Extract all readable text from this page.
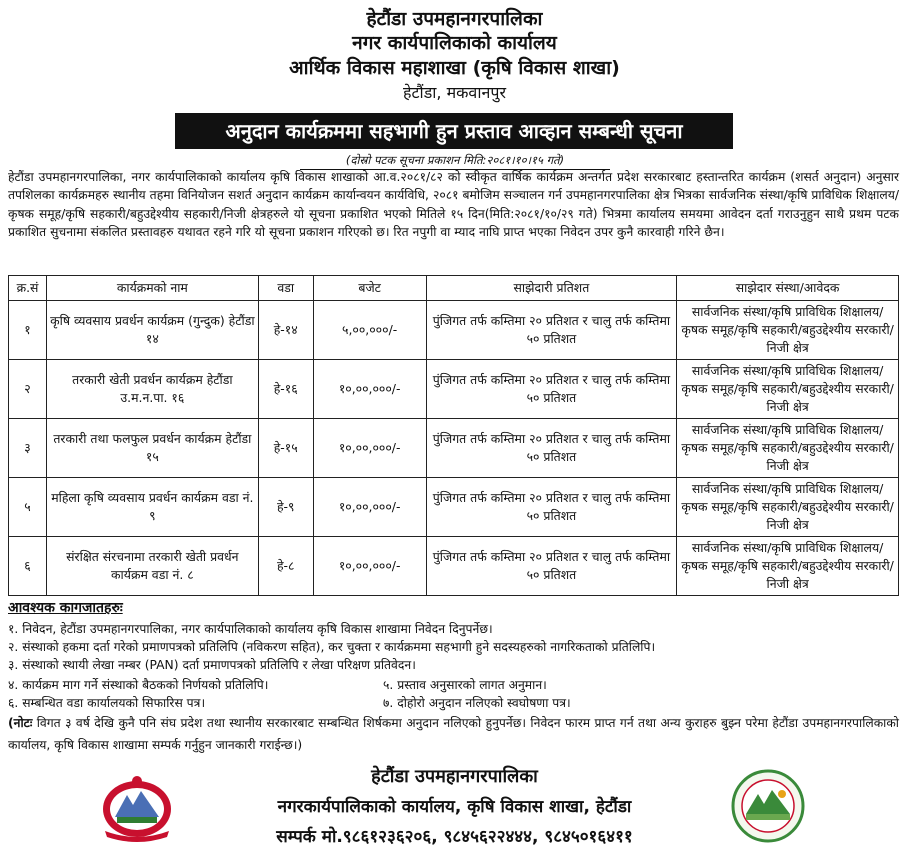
हेटौंडा उपमहानगरपालिका
नगर कार्यपालिकाको कार्यालय
आर्थिक विकास महाशाखा (कृषि विकास शाखा)
हेटौंडा, मकवानपुर
अनुदान कार्यक्रममा सहभागी हुन प्रस्ताव आव्हान सम्बन्धी सूचना
(दोस्रो पटक सूचना प्रकाशन मिति:२०८१।१०।१५ गते)
हेटौंडा उपमहानगरपालिका, नगर कार्यपालिकाको कार्यालय कृषि विकास शाखाको आ.व.२०८१/८२ को स्वीकृत वार्षिक कार्यक्रम अन्तर्गत प्रदेश सरकारबाट हस्तान्तरित कार्यक्रम (शसर्त अनुदान) अनुसार तपशिलका कार्यक्रमहरु स्थानीय तहमा विनियोजन सशर्त अनुदान कार्यक्रम कार्यान्वयन कार्यविधि, २०८१ बमोजिम सञ्चालन गर्न उपमहानगरपालिका क्षेत्र भित्रका सार्वजनिक संस्था/कृषि प्राविधिक शिक्षालय/कृषक समूह/कृषि सहकारी/बहुउद्देश्यीय सहकारी/निजी क्षेत्रहरुले यो सूचना प्रकाशित भएको मितिले १५ दिन(मिति:२०८१/१०/२९ गते) भित्रमा कार्यालय समयमा आवेदन दर्ता गराउनुहुन साथै प्रथम पटक प्रकाशित सुचनामा संकलित प्रस्तावहरु यथावत रहने गरि यो सूचना प्रकाशन गरिएको छ। रित नपुगी वा म्याद नाघि प्राप्त भएका निवेदन उपर कुनै कारवाही गरिने छैन।
क्र.सं	कार्यक्रमको नाम	वडा	बजेट	साझेदारी प्रतिशत	साझेदार संस्था/आवेदक
१	कृषि व्यवसाय प्रवर्धन कार्यक्रम (गुन्दुक) हेटौंडा १४	हे-१४	५,००,०००/-	पुंजिगत तर्फ कम्तिमा २० प्रतिशत र चालु तर्फ कम्तिमा ५० प्रतिशत	सार्वजनिक संस्था/कृषि प्राविधिक शिक्षालय/कृषक समूह/कृषि सहकारी/बहुउद्देश्यीय सरकारी/निजी क्षेत्र
२	तरकारी खेती प्रवर्धन कार्यक्रम हेटौंडा उ.म.न.पा. १६	हे-१६	१०,००,०००/-	पुंजिगत तर्फ कम्तिमा २० प्रतिशत र चालु तर्फ कम्तिमा ५० प्रतिशत	सार्वजनिक संस्था/कृषि प्राविधिक शिक्षालय/कृषक समूह/कृषि सहकारी/बहुउद्देश्यीय सरकारी/निजी क्षेत्र
३	तरकारी तथा फलफुल प्रवर्धन कार्यक्रम हेटौंडा १५	हे-१५	१०,००,०००/-	पुंजिगत तर्फ कम्तिमा २० प्रतिशत र चालु तर्फ कम्तिमा ५० प्रतिशत	सार्वजनिक संस्था/कृषि प्राविधिक शिक्षालय/कृषक समूह/कृषि सहकारी/बहुउद्देश्यीय सरकारी/निजी क्षेत्र
५	महिला कृषि व्यवसाय प्रवर्धन कार्यक्रम वडा नं. ९	हे-९	१०,००,०००/-	पुंजिगत तर्फ कम्तिमा २० प्रतिशत र चालु तर्फ कम्तिमा ५० प्रतिशत	सार्वजनिक संस्था/कृषि प्राविधिक शिक्षालय/कृषक समूह/कृषि सहकारी/बहुउद्देश्यीय सरकारी/निजी क्षेत्र
६	संरक्षित संरचनामा तरकारी खेती प्रवर्धन कार्यक्रम वडा नं. ८	हे-८	१०,००,०००/-	पुंजिगत तर्फ कम्तिमा २० प्रतिशत र चालु तर्फ कम्तिमा ५० प्रतिशत	सार्वजनिक संस्था/कृषि प्राविधिक शिक्षालय/कृषक समूह/कृषि सहकारी/बहुउद्देश्यीय सरकारी/निजी क्षेत्र
आवश्यक कागजातहरुः
१. निवेदन, हेटौंडा उपमहानगरपालिका, नगर कार्यपालिकाको कार्यालय कृषि विकास शाखामा निवेदन दिनुपर्नेछ।
२. संस्थाको हकमा दर्ता गरेको प्रमाणपत्रको प्रतिलिपि (नविकरण सहित), कर चुक्ता र कार्यक्रममा सहभागी हुने सदस्यहरुको नागरिकताको प्रतिलिपि।
३. संस्थाको स्थायी लेखा नम्बर (PAN) दर्ता प्रमाणपत्रको प्रतिलिपि र लेखा परिक्षण प्रतिवेदन।
४. कार्यक्रम माग गर्ने संस्थाको बैठकको निर्णयको प्रतिलिपि।	५. प्रस्ताव अनुसारको लागत अनुमान।
६. सम्बन्धित वडा कार्यालयको सिफारिस पत्र।	७. दोहोरो अनुदान नलिएको स्वघोषणा पत्र।
(नोटः विगत ३ वर्ष देखि कुनै पनि संघ प्रदेश तथा स्थानीय सरकारबाट सम्बन्धित शिर्षकमा अनुदान नलिएको हुनुपर्नेछ। निवेदन फारम प्राप्त गर्न तथा अन्य कुराहरु बुझ्न परेमा हेटौंडा उपमहानगरपालिकाको कार्यालय, कृषि विकास शाखामा सम्पर्क गर्नुहुन जानकारी गराईन्छ।)
हेटौंडा उपमहानगरपालिका
नगरकार्यपालिकाको कार्यालय, कृषि विकास शाखा, हेटौंडा
सम्पर्क मो.९८६१२३६२०६, ९८४५६२२४४४, ९८४५०१६४११
